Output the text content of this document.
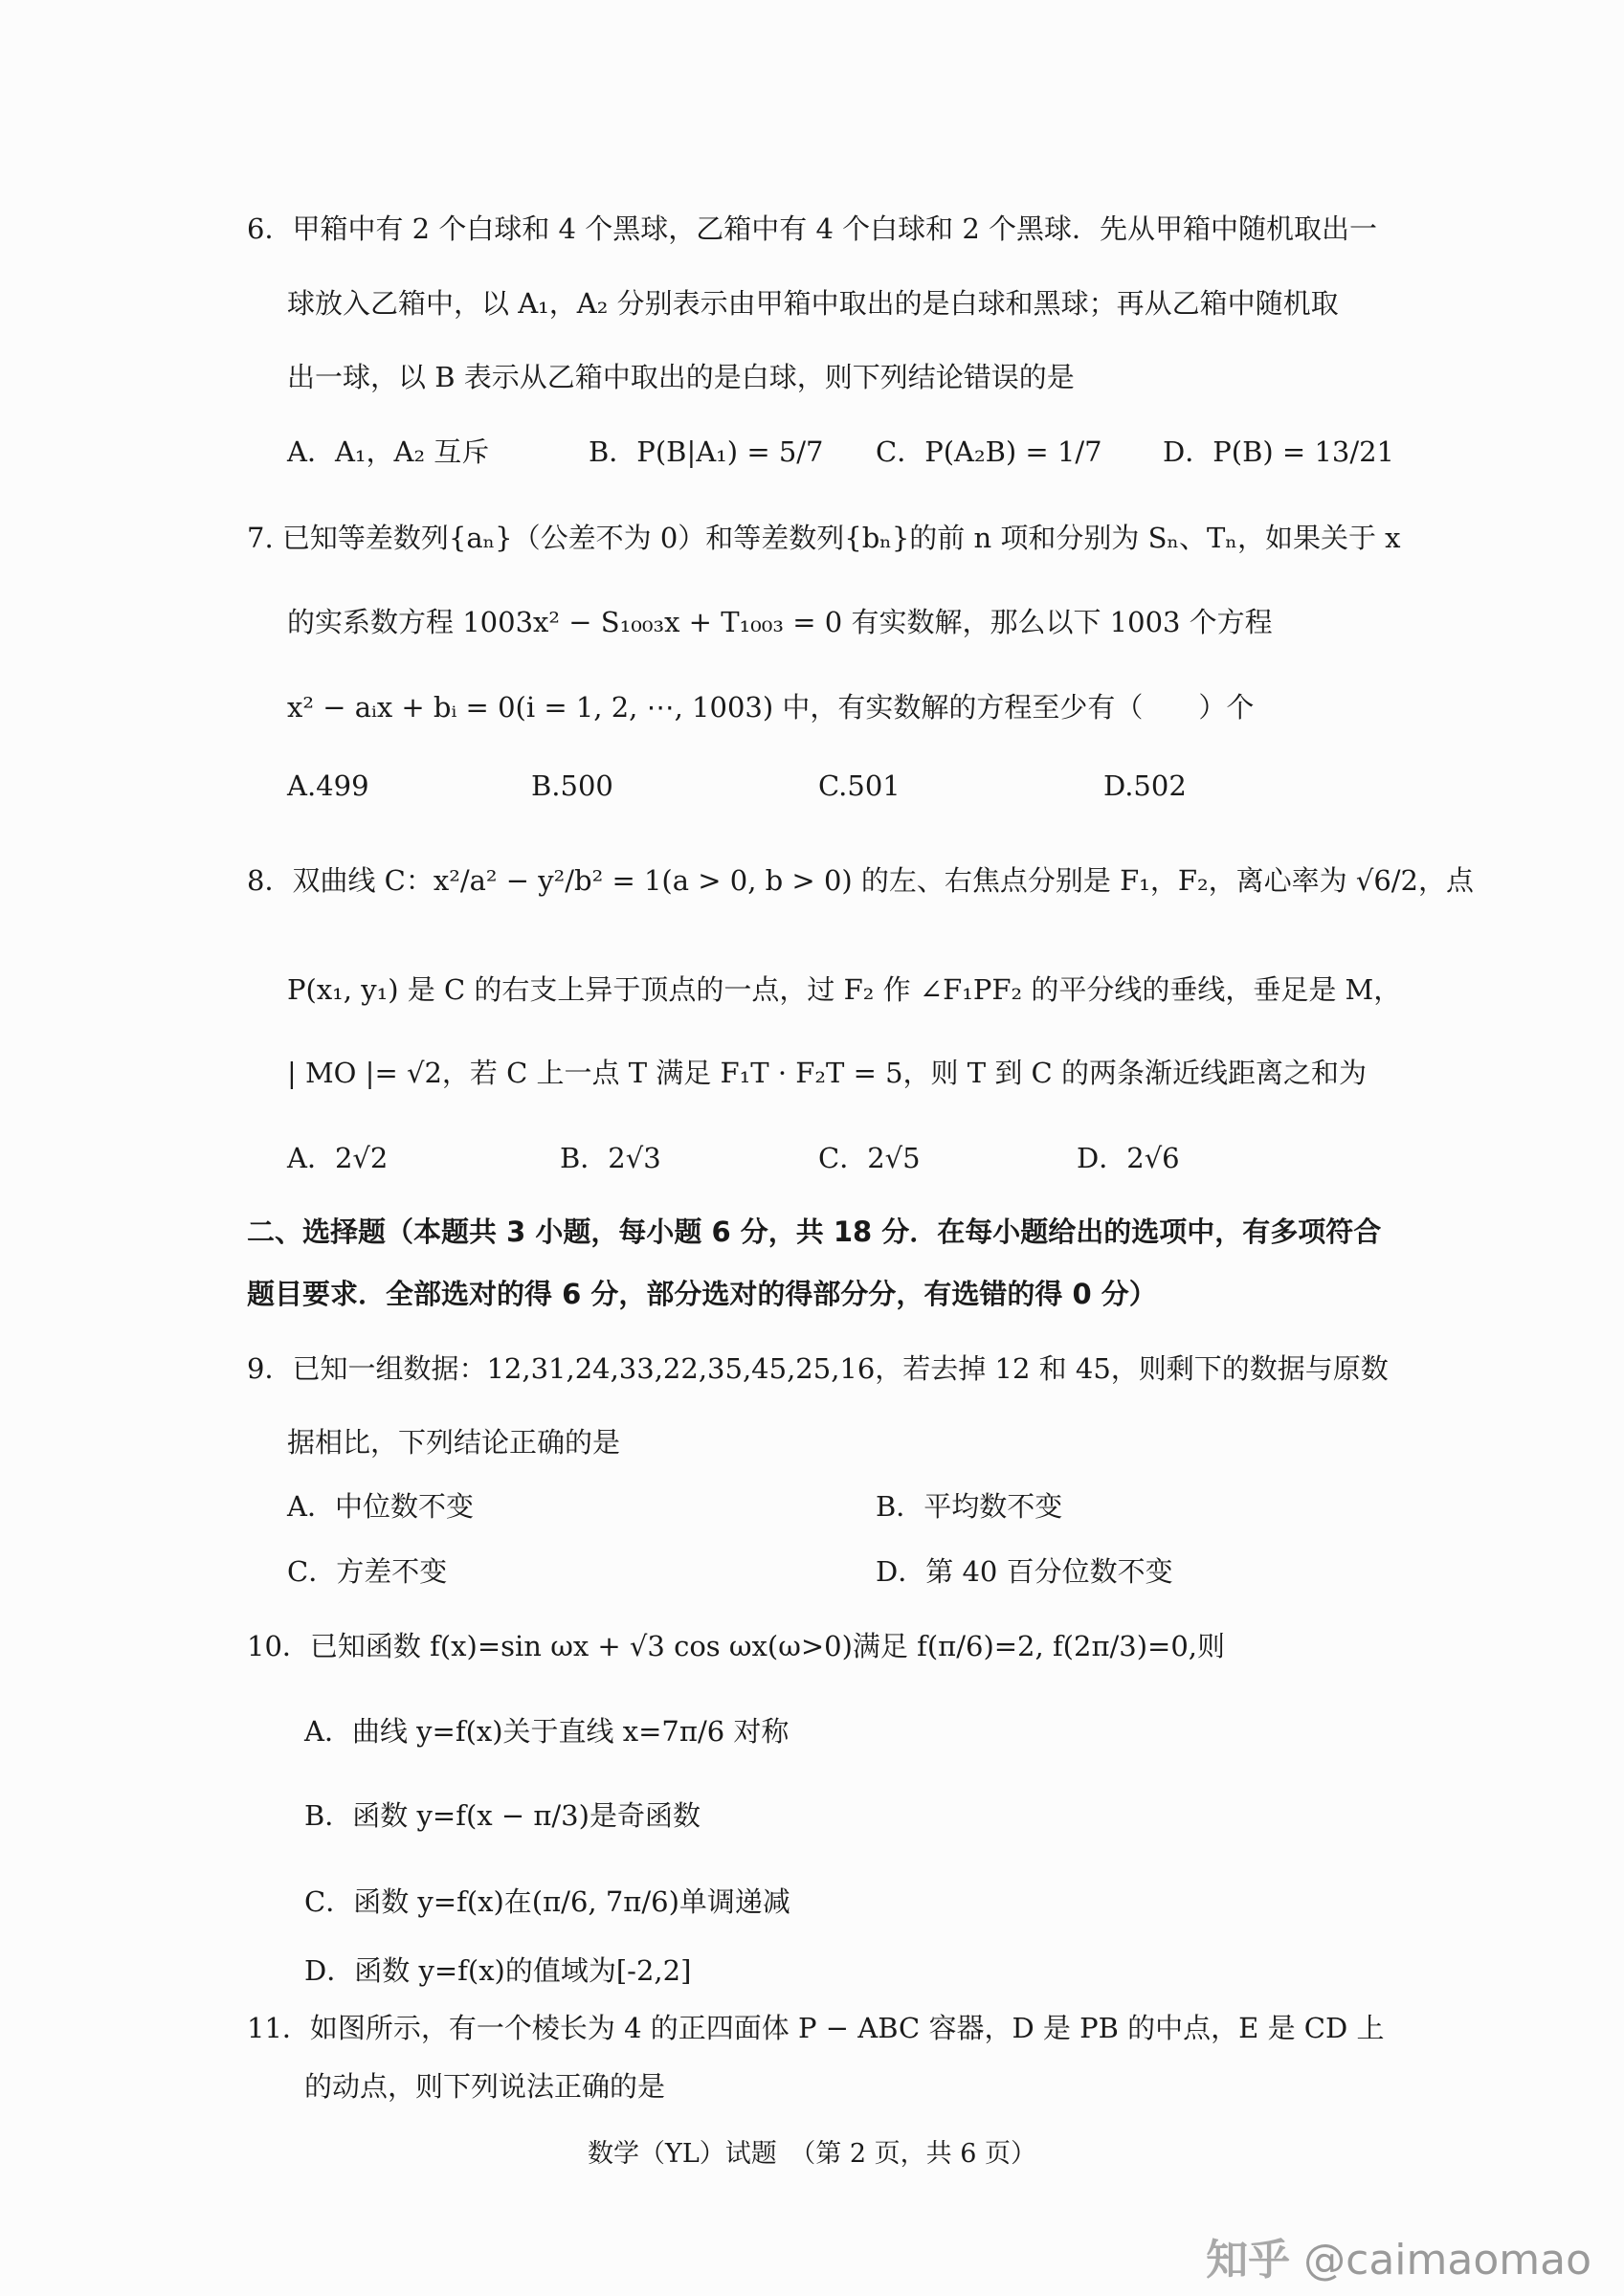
6．甲箱中有 2 个白球和 4 个黑球，乙箱中有 4 个白球和 2 个黑球．先从甲箱中随机取出一
球放入乙箱中，以 A₁，A₂ 分别表示由甲箱中取出的是白球和黑球；再从乙箱中随机取
出一球，以 B 表示从乙箱中取出的是白球，则下列结论错误的是
A．A₁，A₂ 互斥	B．P(B|A₁) = 5/7 C．P(A₂B) = 1/7 D．P(B) = 13/21
7. 已知等差数列{aₙ}（公差不为 0）和等差数列{bₙ}的前 n 项和分别为 Sₙ、Tₙ，如果关于 x
的实系数方程 1003x² − S₁₀₀₃x + T₁₀₀₃ = 0 有实数解，那么以下 1003 个方程
x² − aᵢx + bᵢ = 0(i = 1, 2, ⋯, 1003) 中，有实数解的方程至少有（　　）个
A.499	B.500	C.501	D.502
8．双曲线 C：x²/a² − y²/b² = 1(a > 0, b > 0) 的左、右焦点分别是 F₁，F₂，离心率为 √6/2，点
P(x₁, y₁) 是 C 的右支上异于顶点的一点，过 F₂ 作 ∠F₁PF₂ 的平分线的垂线，垂足是 M，
| MO |= √2，若 C 上一点 T 满足 F₁T · F₂T = 5，则 T 到 C 的两条渐近线距离之和为
A．2√2	B．2√3	C．2√5	D．2√6
二、选择题（本题共 3 小题，每小题 6 分，共 18 分．在每小题给出的选项中，有多项符合
题目要求．全部选对的得 6 分，部分选对的得部分分，有选错的得 0 分）
9．已知一组数据：12,31,24,33,22,35,45,25,16，若去掉 12 和 45，则剩下的数据与原数
据相比，下列结论正确的是
A．中位数不变	B．平均数不变
C．方差不变	D．第 40 百分位数不变
10．已知函数 f(x)=sin ωx + √3 cos ωx(ω>0)满足 f(π/6)=2, f(2π/3)=0,则
A．曲线 y=f(x)关于直线 x=7π/6 对称
B．函数 y=f(x − π/3)是奇函数
C．函数 y=f(x)在(π/6, 7π/6)单调递减
D．函数 y=f(x)的值域为[-2,2]
11．如图所示，有一个棱长为 4 的正四面体 P − ABC 容器，D 是 PB 的中点，E 是 CD 上
的动点，则下列说法正确的是
数学（YL）试题　（第 2 页，共 6 页）
知乎 @caimaomao
